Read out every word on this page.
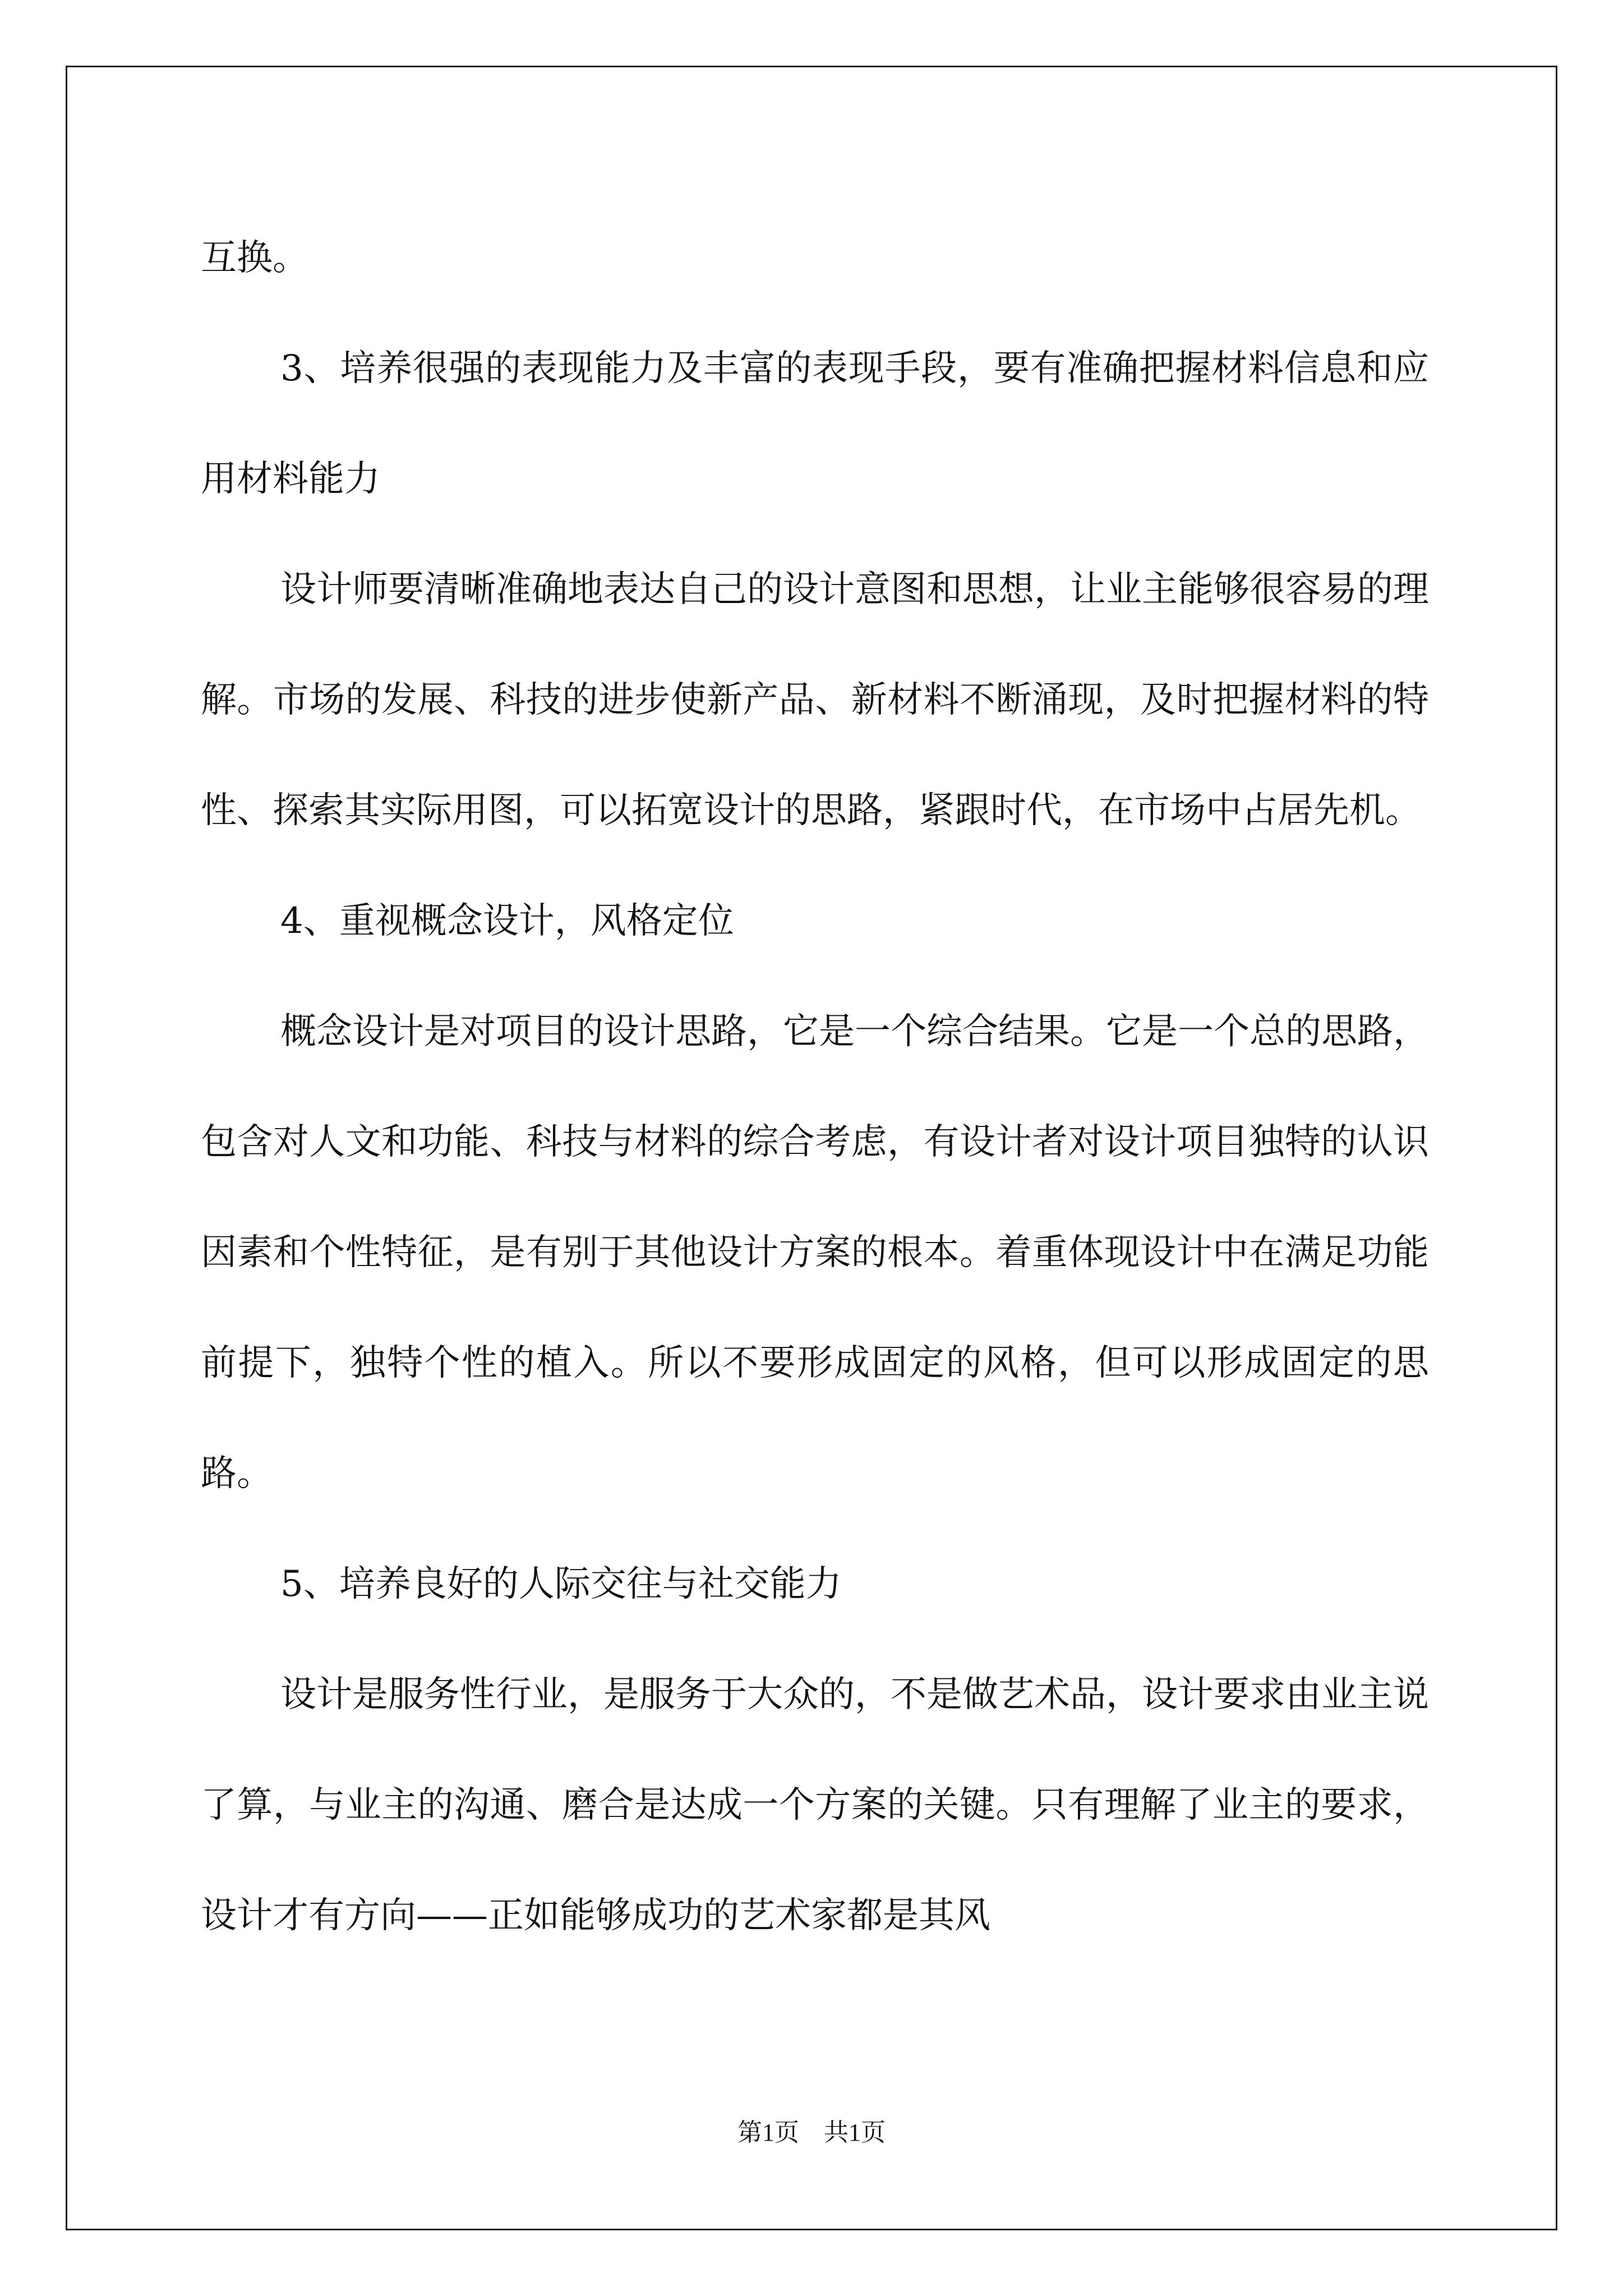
互换。

3、培养很强的表现能力及丰富的表现手段，要有准确把握材料信息和应用材料能力

设计师要清晰准确地表达自己的设计意图和思想，让业主能够很容易的理解。市场的发展、科技的进步使新产品、新材料不断涌现，及时把握材料的特性、探索其实际用图，可以拓宽设计的思路，紧跟时代，在市场中占居先机。

4、重视概念设计，风格定位

概念设计是对项目的设计思路，它是一个综合结果。它是一个总的思路，包含对人文和功能、科技与材料的综合考虑，有设计者对设计项目独特的认识因素和个性特征，是有别于其他设计方案的根本。着重体现设计中在满足功能前提下，独特个性的植入。所以不要形成固定的风格，但可以形成固定的思路。

5、培养良好的人际交往与社交能力

设计是服务性行业，是服务于大众的，不是做艺术品，设计要求由业主说了算，与业主的沟通、磨合是达成一个方案的关键。只有理解了业主的要求，设计才有方向——正如能够成功的艺术家都是其风

第1页　共1页
